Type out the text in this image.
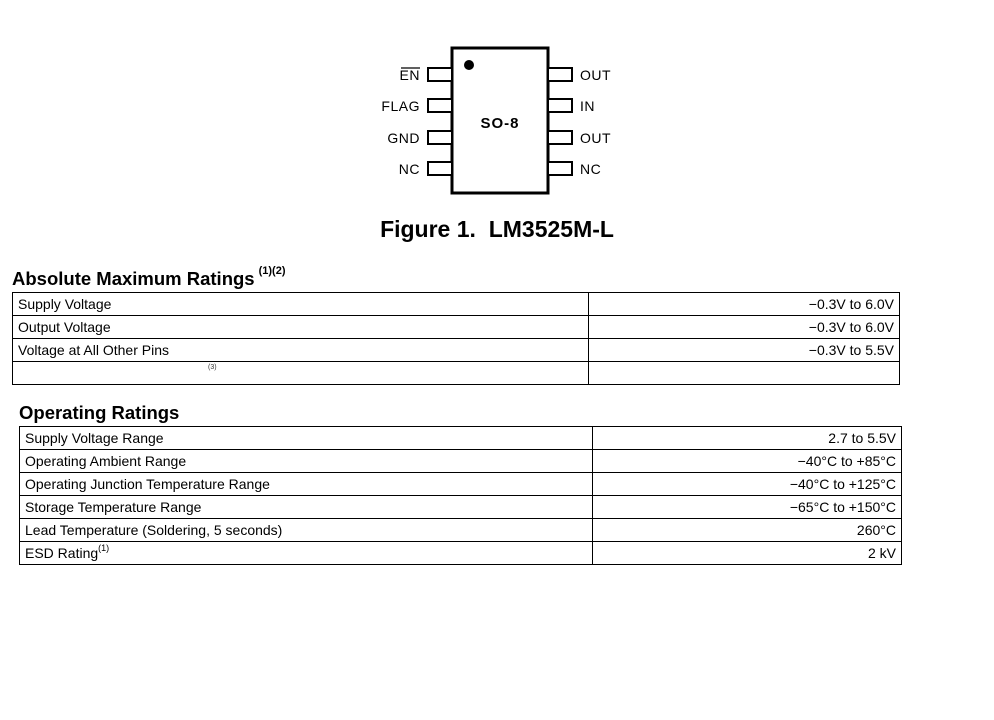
SO-8
EN
FLAG
GND
NC
OUT
IN
OUT
NC
Figure 1.  LM3525M-L
Absolute Maximum Ratings $^{(1)(2)}$
Supply Voltage	−0.3V to 6.0V
Output Voltage	−0.3V to 6.0V
Voltage at All Other Pins	−0.3V to 5.5V

(3)
Operating Ratings
Supply Voltage Range	2.7 to 5.5V
Operating Ambient Range	−40°C to +85°C
Operating Junction Temperature Range	−40°C to +125°C
Storage Temperature Range	−65°C to +150°C
Lead Temperature (Soldering, 5 seconds)	260°C
ESD Rating$^{(1)}$	2 kV
